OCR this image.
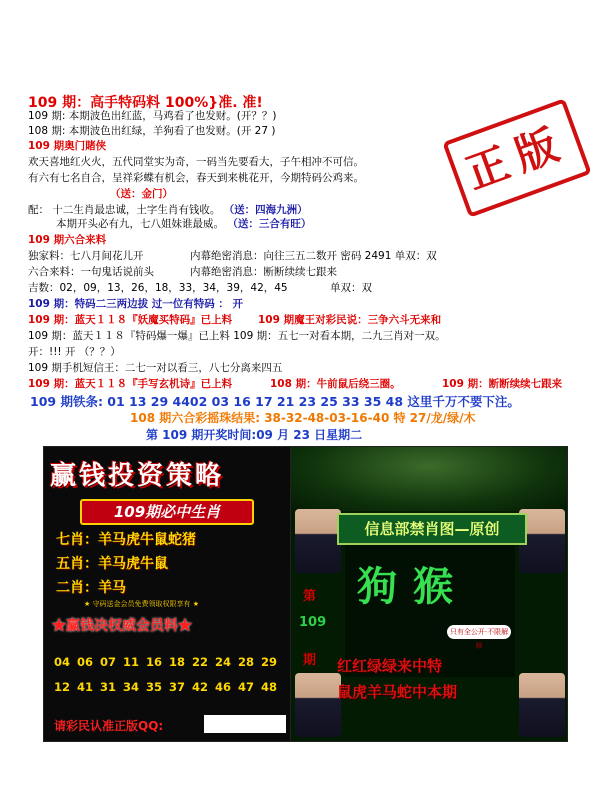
109 期：高手特码料 100%}准. 准!
正版
109 期: 本期波色出红蓝，马鸡看了也发财。(开？？)
108 期: 本期波色出红绿，羊狗看了也发财。(开 27 )
109 期奥门賭侠
欢天喜地红火火，五代同堂实为奇，一码当先要看大，子午相冲不可信。
有六有七名自合，呈祥彩蝶有机会，春天到来桃花开，今期特码公鸡来。
（送：金门）
配： 十二生肖最忠诚，土字生肖有钱收。 （送：四海九洲）
本期开头必有九，七八姐妹谁最威。 （送：三合有旺）
109 期六合来料
独家料：七八月间花儿开	内幕绝密消息：向往三五二数开 密码 2491 单双：双
六合来料：一句鬼话说前头	内幕绝密消息：断断续续七跟来
吉数：02，09，13，26，18，33，34，39，42，45	单双：双
109 期：特码二三两边拔 过一位有特码 ： 开
109 期：蓝天１１８『妖魔买特码』已上料 109 期魔王对彩民说：三争六斗无来和
109 期：蓝天１１８『特码爆一爆』已上料 109 期：五七一对看本期，二九三肖对一双。
开：!!! 开 （？？）
109 期手机短信王：二七一对以看三，八七分离来四五
109 期：蓝天１１８『手写玄机诗』已上料	108 期：牛前鼠后绕三圈。	109 期：断断续续七跟来
109 期铁条: 01 13 29 4402 03 16 17 21 23 25 33 35 48 这里千万不要下注。
108 期六合彩摇珠结果: 38-32-48-03-16-40 特 27/龙/绿/木
第 109 期开奖时间:09 月 23 日星期二
赢钱投资策略
109期必中生肖
七肖：羊马虎牛鼠蛇猪
五肖：羊马虎牛鼠
二肖：羊马
★ 守码送金会员免费领取权限享有 ★
★赢钱决权威会员料★
04 06 07 11 16 18 22 24 28 29
12 41 31 34 35 37 42 46 47 48
请彩民认准正版QQ:
信息部禁肖图—原创
狗猴
第
109
期
只有全公开·不限解释
红红绿绿来中特
鼠虎羊马蛇中本期
